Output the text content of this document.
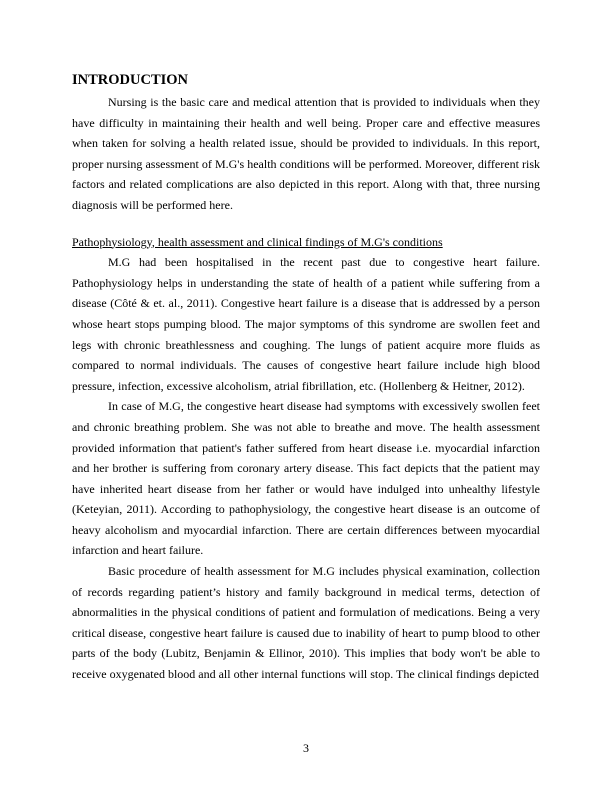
INTRODUCTION

Nursing is the basic care and medical attention that is provided to individuals when they have difficulty in maintaining their health and well being. Proper care and effective measures when taken for solving a health related issue, should be provided to individuals. In this report, proper nursing assessment of M.G's health conditions will be performed. Moreover, different risk factors and related complications are also depicted in this report. Along with that, three nursing diagnosis will be performed here.

Pathophysiology, health assessment and clinical findings of M.G's conditions

M.G had been hospitalised in the recent past due to congestive heart failure. Pathophysiology helps in understanding the state of health of a patient while suffering from a disease (Côté & et. al., 2011). Congestive heart failure is a disease that is addressed by a person whose heart stops pumping blood. The major symptoms of this syndrome are swollen feet and legs with chronic breathlessness and coughing. The lungs of patient acquire more fluids as compared to normal individuals. The causes of congestive heart failure include high blood pressure, infection, excessive alcoholism, atrial fibrillation, etc. (Hollenberg & Heitner, 2012).

In case of M.G, the congestive heart disease had symptoms with excessively swollen feet and chronic breathing problem. She was not able to breathe and move. The health assessment provided information that patient's father suffered from heart disease i.e. myocardial infarction and her brother is suffering from coronary artery disease. This fact depicts that the patient may have inherited heart disease from her father or would have indulged into unhealthy lifestyle (Keteyian, 2011). According to pathophysiology, the congestive heart disease is an outcome of heavy alcoholism and myocardial infarction. There are certain differences between myocardial infarction and heart failure.

Basic procedure of health assessment for M.G includes physical examination, collection of records regarding patient’s history and family background in medical terms, detection of abnormalities in the physical conditions of patient and formulation of medications. Being a very critical disease, congestive heart failure is caused due to inability of heart to pump blood to other parts of the body (Lubitz, Benjamin & Ellinor, 2010). This implies that body won't be able to receive oxygenated blood and all other internal functions will stop. The clinical findings depicted

3
